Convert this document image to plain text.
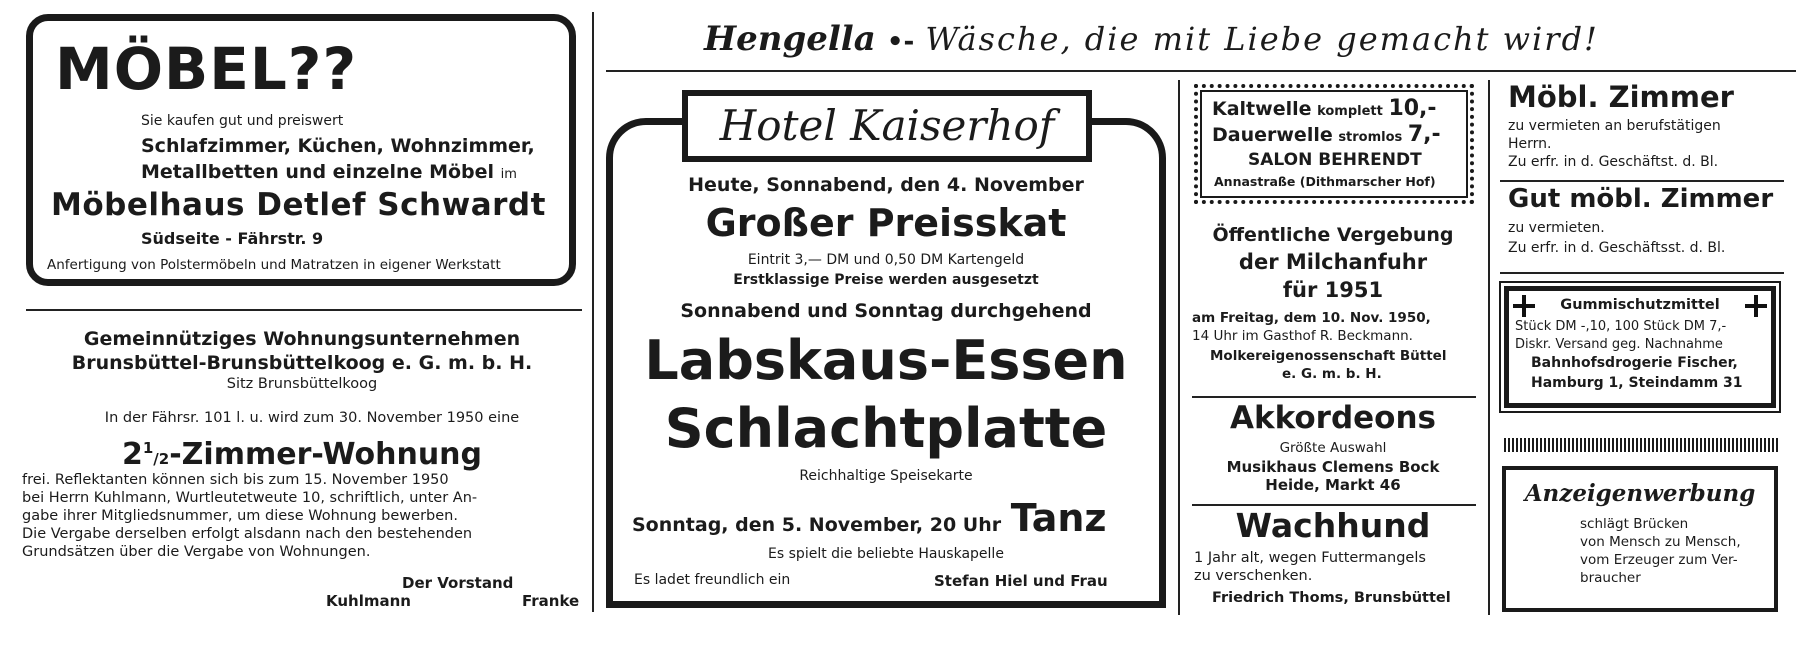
MÖBEL??
Sie kaufen gut und preiswert
Schlafzimmer, Küchen, Wohnzimmer,
Metallbetten und einzelne Möbel im
Möbelhaus Detlef Schwardt
Südseite - Fährstr. 9
Anfertigung von Polstermöbeln und Matratzen in eigener Werkstatt
Gemeinnütziges Wohnungsunternehmen
Brunsbüttel-Brunsbüttelkoog e. G. m. b. H.
Sitz Brunsbüttelkoog
In der Fährsr. 101 l. u. wird zum 30. November 1950 eine
$2^1/2-Zimmer$-Wohnung
frei. Reflektanten können sich bis zum 15. November 1950
bei Herrn Kuhlmann, Wurtleutetweute 10, schriftlich, unter An-
gabe ihrer Mitgliedsnummer, um diese Wohnung bewerben.
Die Vergabe derselben erfolgt alsdann nach den bestehenden
Grundsätzen über die Vergabe von Wohnungen.
Der Vorstand
Kuhlmann	Franke
Hengella •- Wäsche, die mit Liebe gemacht wird!
Hotel Kaiserhof
Heute, Sonnabend, den 4. November
Großer Preisskat
Eintrit 3,— DM und 0,50 DM Kartengeld
Erstklassige Preise werden ausgesetzt
Sonnabend und Sonntag durchgehend
Labskaus-Essen
Schlachtplatte
Reichhaltige Speisekarte
Sonntag, den 5. November, 20 Uhr Tanz
Es spielt die beliebte Hauskapelle
Es ladet freundlich ein	Stefan Hiel und Frau
Kaltwelle komplett 10,-
Dauerwelle stromlos 7,-
SALON BEHRENDT
Annastraße (Dithmarscher Hof)
Öffentliche Vergebung
der Milchanfuhr
für 1951
am Freitag, dem 10. Nov. 1950,
14 Uhr im Gasthof R. Beckmann.
Molkereigenossenschaft Büttel
e. G. m. b. H.
Akkordeons
Größte Auswahl
Musikhaus Clemens Bock
Heide, Markt 46
Wachhund
1 Jahr alt, wegen Futtermangels
zu verschenken.
Friedrich Thoms, Brunsbüttel
Möbl. Zimmer
zu vermieten an berufstätigen
Herrn.
Zu erfr. in d. Geschäftst. d. Bl.
Gut möbl. Zimmer
zu vermieten.
Zu erfr. in d. Geschäftsst. d. Bl.
Gummischutzmittel
Stück DM -,10, 100 Stück DM 7,-
Diskr. Versand geg. Nachnahme
Bahnhofsdrogerie Fischer,
Hamburg 1, Steindamm 31
Anzeigenwerbung
schlägt Brücken
von Mensch zu Mensch,
vom Erzeuger zum Ver-
braucher
